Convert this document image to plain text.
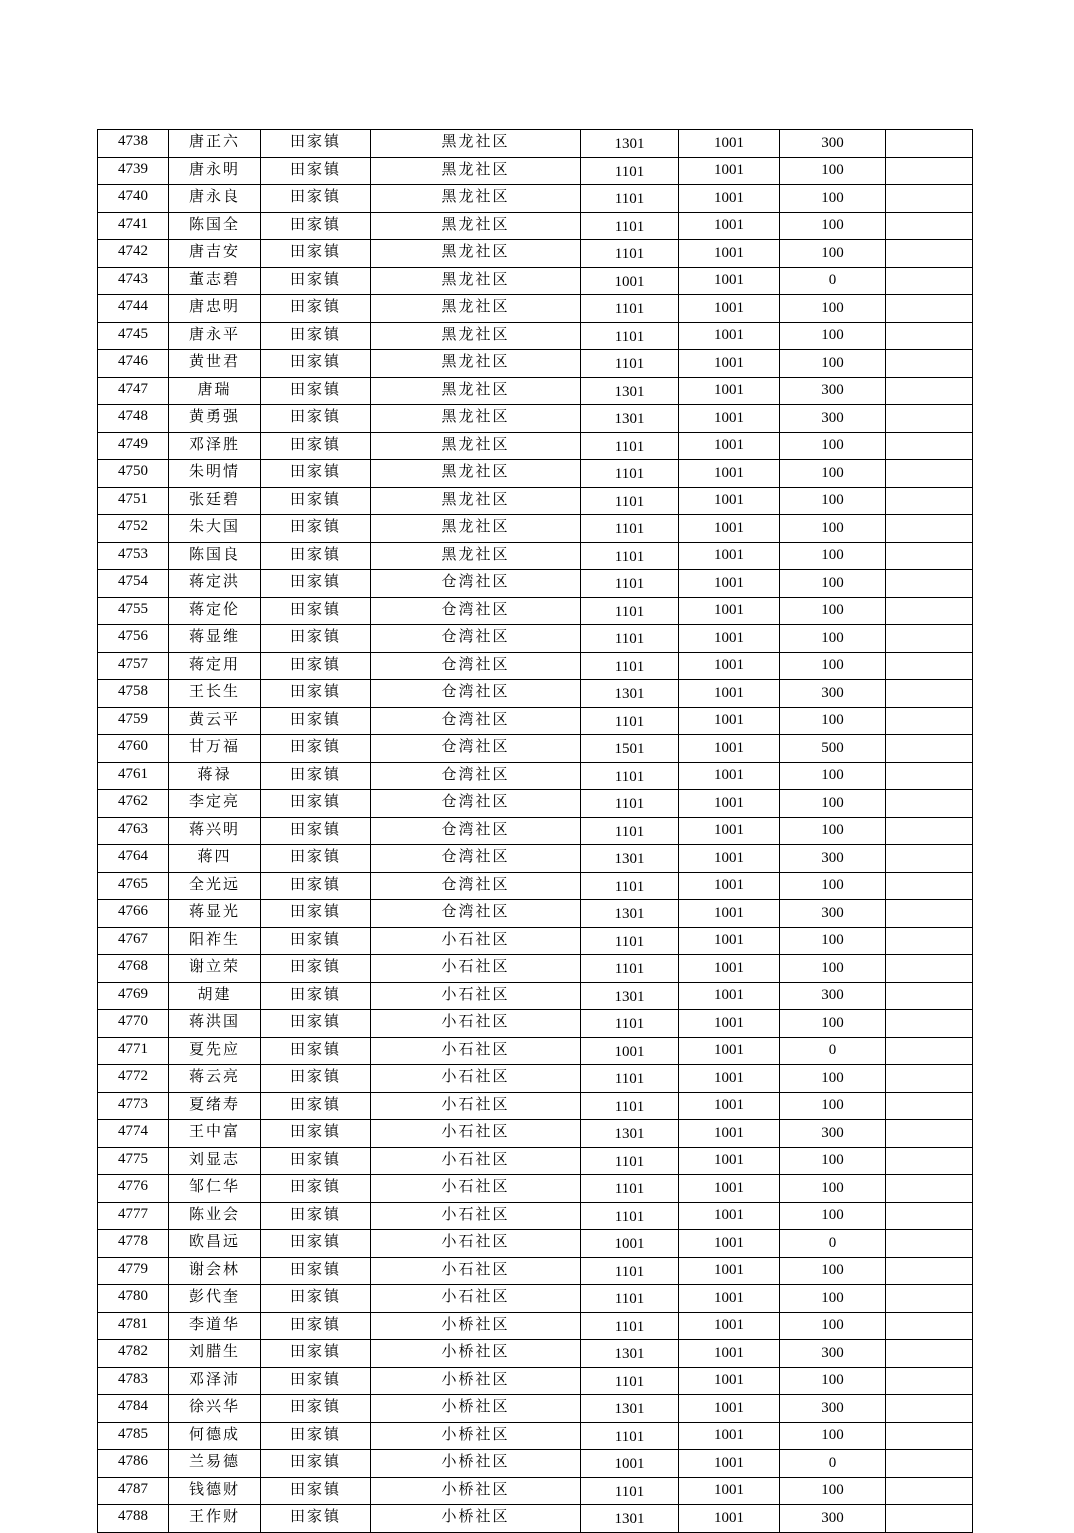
4738	唐正六	田家镇	黑龙社区	1301	1001	300	
4739	唐永明	田家镇	黑龙社区	1101	1001	100	
4740	唐永良	田家镇	黑龙社区	1101	1001	100	
4741	陈国全	田家镇	黑龙社区	1101	1001	100	
4742	唐吉安	田家镇	黑龙社区	1101	1001	100	
4743	董志碧	田家镇	黑龙社区	1001	1001	0	
4744	唐忠明	田家镇	黑龙社区	1101	1001	100	
4745	唐永平	田家镇	黑龙社区	1101	1001	100	
4746	黄世君	田家镇	黑龙社区	1101	1001	100	
4747	唐瑞	田家镇	黑龙社区	1301	1001	300	
4748	黄勇强	田家镇	黑龙社区	1301	1001	300	
4749	邓泽胜	田家镇	黑龙社区	1101	1001	100	
4750	朱明情	田家镇	黑龙社区	1101	1001	100	
4751	张廷碧	田家镇	黑龙社区	1101	1001	100	
4752	朱大国	田家镇	黑龙社区	1101	1001	100	
4753	陈国良	田家镇	黑龙社区	1101	1001	100	
4754	蒋定洪	田家镇	仓湾社区	1101	1001	100	
4755	蒋定伦	田家镇	仓湾社区	1101	1001	100	
4756	蒋显维	田家镇	仓湾社区	1101	1001	100	
4757	蒋定用	田家镇	仓湾社区	1101	1001	100	
4758	王长生	田家镇	仓湾社区	1301	1001	300	
4759	黄云平	田家镇	仓湾社区	1101	1001	100	
4760	甘万福	田家镇	仓湾社区	1501	1001	500	
4761	蒋禄	田家镇	仓湾社区	1101	1001	100	
4762	李定亮	田家镇	仓湾社区	1101	1001	100	
4763	蒋兴明	田家镇	仓湾社区	1101	1001	100	
4764	蒋四	田家镇	仓湾社区	1301	1001	300	
4765	全光远	田家镇	仓湾社区	1101	1001	100	
4766	蒋显光	田家镇	仓湾社区	1301	1001	300	
4767	阳祚生	田家镇	小石社区	1101	1001	100	
4768	谢立荣	田家镇	小石社区	1101	1001	100	
4769	胡建	田家镇	小石社区	1301	1001	300	
4770	蒋洪国	田家镇	小石社区	1101	1001	100	
4771	夏先应	田家镇	小石社区	1001	1001	0	
4772	蒋云亮	田家镇	小石社区	1101	1001	100	
4773	夏绪寿	田家镇	小石社区	1101	1001	100	
4774	王中富	田家镇	小石社区	1301	1001	300	
4775	刘显志	田家镇	小石社区	1101	1001	100	
4776	邹仁华	田家镇	小石社区	1101	1001	100	
4777	陈业会	田家镇	小石社区	1101	1001	100	
4778	欧昌远	田家镇	小石社区	1001	1001	0	
4779	谢会林	田家镇	小石社区	1101	1001	100	
4780	彭代奎	田家镇	小石社区	1101	1001	100	
4781	李道华	田家镇	小桥社区	1101	1001	100	
4782	刘腊生	田家镇	小桥社区	1301	1001	300	
4783	邓泽沛	田家镇	小桥社区	1101	1001	100	
4784	徐兴华	田家镇	小桥社区	1301	1001	300	
4785	何德成	田家镇	小桥社区	1101	1001	100	
4786	兰易德	田家镇	小桥社区	1001	1001	0	
4787	钱德财	田家镇	小桥社区	1101	1001	100	
4788	王作财	田家镇	小桥社区	1301	1001	300	
